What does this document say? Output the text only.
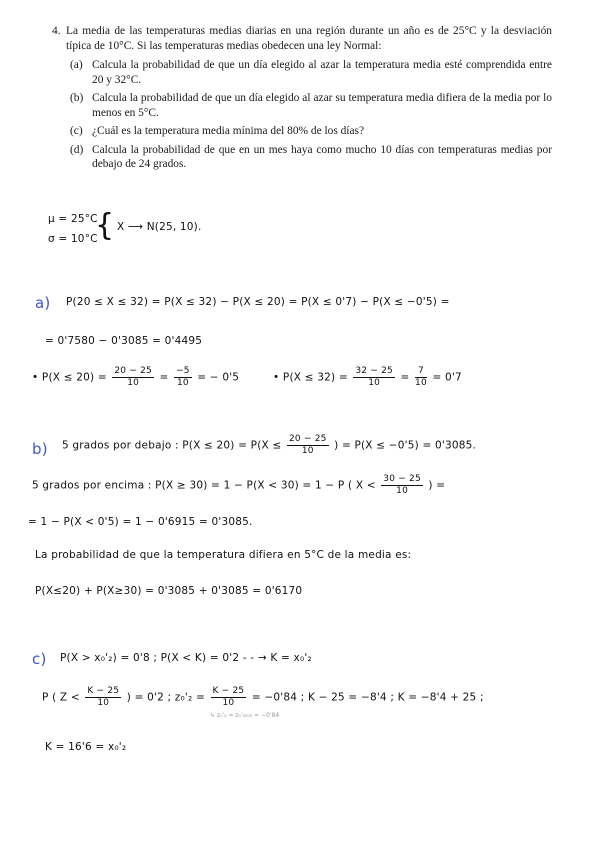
4. La media de las temperaturas medias diarias en una región durante un año es de 25°C y la desviación típica de 10°C. Si las temperaturas medias obedecen una ley Normal:
(a) Calcula la probabilidad de que un día elegido al azar la temperatura media esté comprendida entre 20 y 32°C.
(b) Calcula la probabilidad de que un día elegido al azar su temperatura media difiera de la media por lo menos en 5°C.
(c) ¿Cuál es la temperatura media mínima del 80% de los días?
(d) Calcula la probabilidad de que en un mes haya como mucho 10 días con temperaturas medias por debajo de 24 grados.
μ = 25°C
σ = 10°C
{ X ⟶ N(25, 10).
a) P(20 ≤ X ≤ 32) = P(X ≤ 32) − P(X ≤ 20) = P(X ≤ 0'7) − P(X ≤ −0'5) =
= 0'7580 − 0'3085 = 0'4495
• $P(X \le 20) = \frac{20 - 25}{10} = \frac{-5}{10}$ = − 0'5	• $P(X \le 32) = \frac{32 - 25}{10} = \frac{7}{10} = 0'7$
b) 5 grados por debajo : $P(X \le 20) = P(X \le \frac{20 - 25}{10}$ ) = P(X ≤ −0'5) = 0'3085.
5 grados por encima : P(X ≥ 30) = 1 − P(X < 30) = 1 − P ( $X < \frac{30 - 25}{10}$ ) =
= 1 − P(X < 0'5) = 1 − 0'6915 = 0'3085.
La probabilidad de que la temperatura difiera en 5°C de la media es:
P(X≤20) + P(X≥30) = 0'3085 + 0'3085 = 0'6170
c) P(X > x₀'₂) = 0'8 ; P(X < K) = 0'2 - - → K = x₀'₂
P ( $Z < \frac{K - 25}{10}$ ) = 0'2 ; $z_0'_2 = \frac{K - 25}{10} = -0'84$ ; K − 25 = −8'4 ; K = −8'4 + 25 ;
↳ z₀'₂ ≃ z₀'₂₀₀₅ = −0'84
K = 16'6 = x₀'₂
